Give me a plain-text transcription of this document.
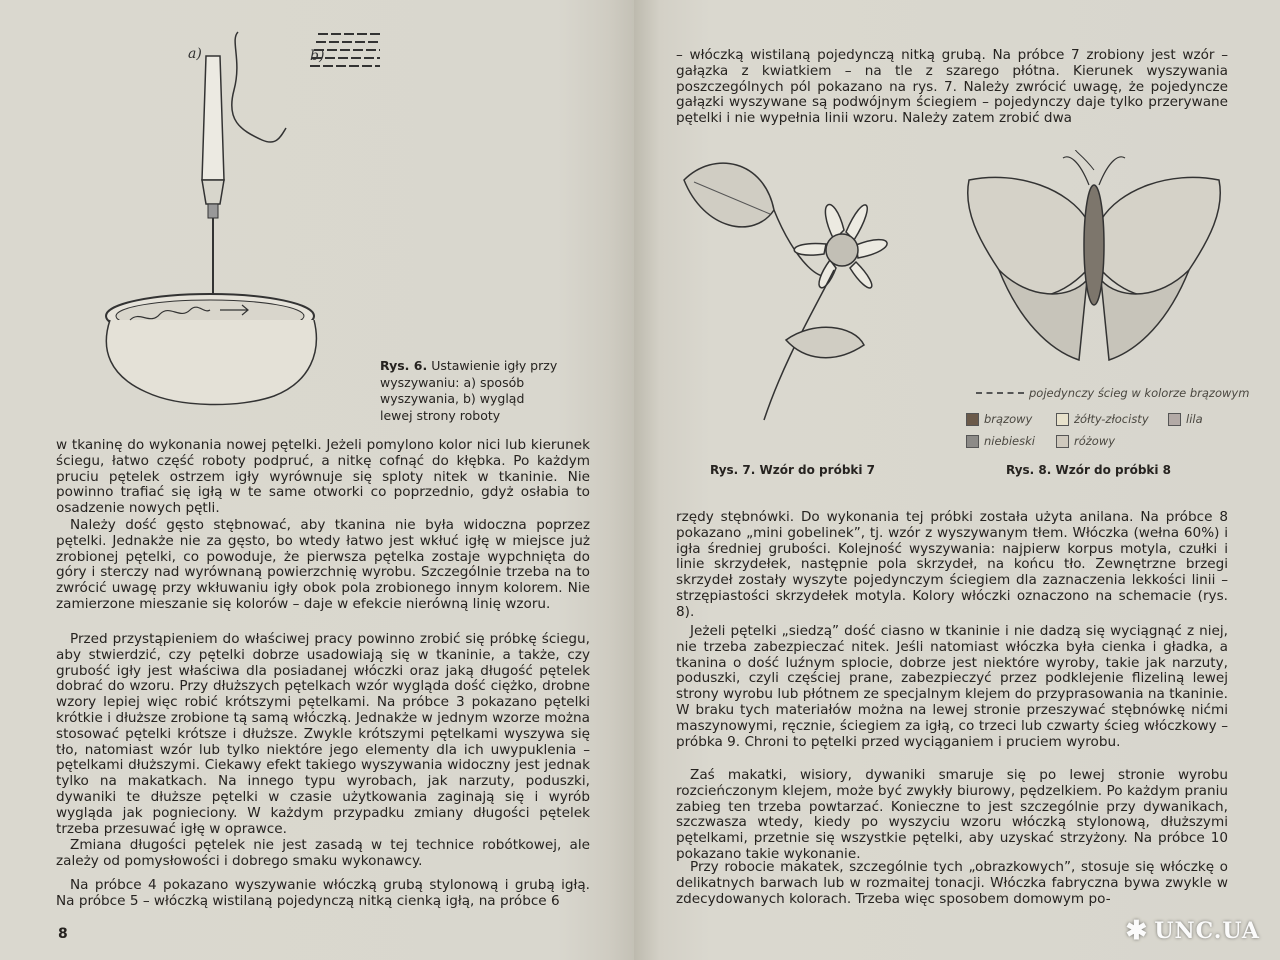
a)	b)
Rys. 6. Ustawienie igły przy wyszywaniu: a) sposób wyszywania, b) wygląd lewej strony roboty
w tkaninę do wykonania nowej pętelki. Jeżeli pomylono kolor nici lub kierunek ściegu, łatwo część roboty podpruć, a nitkę cofnąć do kłębka. Po każdym pruciu pętelek ostrzem igły wyrównuje się sploty nitek w tkaninie. Nie powinno trafiać się igłą w te same otworki co poprzednio, gdyż osłabia to osadzenie nowych pętli.
Należy dość gęsto stębnować, aby tkanina nie była widoczna poprzez pętelki. Jednakże nie za gęsto, bo wtedy łatwo jest wkłuć igłę w miejsce już zrobionej pętelki, co powoduje, że pierwsza pętelka zostaje wypchnięta do góry i sterczy nad wyrównaną powierzchnię wyrobu. Szczególnie trzeba na to zwrócić uwagę przy wkłuwaniu igły obok pola zrobionego innym kolorem. Nie zamierzone mieszanie się kolorów – daje w efekcie nierówną linię wzoru.
Przed przystąpieniem do właściwej pracy powinno zrobić się próbkę ściegu, aby stwierdzić, czy pętelki dobrze usadowiają się w tkaninie, a także, czy grubość igły jest właściwa dla posiadanej włóczki oraz jaką długość pętelek dobrać do wzoru. Przy dłuższych pętelkach wzór wygląda dość ciężko, drobne wzory lepiej więc robić krótszymi pętelkami. Na próbce 3 pokazano pętelki krótkie i dłuższe zrobione tą samą włóczką. Jednakże w jednym wzorze można stosować pętelki krótsze i dłuższe. Zwykle krótszymi pętelkami wyszywa się tło, natomiast wzór lub tylko niektóre jego elementy dla ich uwypuklenia – pętelkami dłuższymi. Ciekawy efekt takiego wyszywania widoczny jest jednak tylko na makatkach. Na innego typu wyrobach, jak narzuty, poduszki, dywaniki te dłuższe pętelki w czasie użytkowania zaginają się i wyrób wygląda jak pognieciony. W każdym przypadku zmiany długości pętelek trzeba przesuwać igłę w oprawce.
Zmiana długości pętelek nie jest zasadą w tej technice robótkowej, ale zależy od pomysłowości i dobrego smaku wykonawcy.
Na próbce 4 pokazano wyszywanie włóczką grubą stylonową i grubą igłą. Na próbce 5 – włóczką wistilaną pojedynczą nitką cienką igłą, na próbce 6
8
– włóczką wistilaną pojedynczą nitką grubą. Na próbce 7 zrobiony jest wzór – gałązka z kwiatkiem – na tle z szarego płótna. Kierunek wyszywania poszczególnych pól pokazano na rys. 7. Należy zwrócić uwagę, że pojedyncze gałązki wyszywane są podwójnym ściegiem – pojedynczy daje tylko przerywane pętelki i nie wypełnia linii wzoru. Należy zatem zrobić dwa
pojedynczy ścieg w kolorze brązowym
brązowy	żółty-złocisty	lila
niebieski	różowy
Rys. 7. Wzór do próbki 7	Rys. 8. Wzór do próbki 8
rzędy stębnówki. Do wykonania tej próbki została użyta anilana. Na próbce 8 pokazano „mini gobelinek”, tj. wzór z wyszywanym tłem. Włóczka (wełna 60%) i igła średniej grubości. Kolejność wyszywania: najpierw korpus motyla, czułki i linie skrzydełek, następnie pola skrzydeł, na końcu tło. Zewnętrzne brzegi skrzydeł zostały wyszyte pojedynczym ściegiem dla zaznaczenia lekkości linii – strzępiastości skrzydełek motyla. Kolory włóczki oznaczono na schemacie (rys. 8).
Jeżeli pętelki „siedzą” dość ciasno w tkaninie i nie dadzą się wyciągnąć z niej, nie trzeba zabezpieczać nitek. Jeśli natomiast włóczka była cienka i gładka, a tkanina o dość luźnym splocie, dobrze jest niektóre wyroby, takie jak narzuty, poduszki, czyli częściej prane, zabezpieczyć przez podklejenie flizeliną lewej strony wyrobu lub płótnem ze specjalnym klejem do przyprasowania na tkaninie. W braku tych materiałów można na lewej stronie przeszywać stębnówkę nićmi maszynowymi, ręcznie, ściegiem za igłą, co trzeci lub czwarty ścieg włóczkowy – próbka 9. Chroni to pętelki przed wyciąganiem i pruciem wyrobu.
Zaś makatki, wisiory, dywaniki smaruje się po lewej stronie wyrobu rozcieńczonym klejem, może być zwykły biurowy, pędzelkiem. Po każdym praniu zabieg ten trzeba powtarzać. Konieczne to jest szczególnie przy dywanikach, szczwasza wtedy, kiedy po wyszyciu wzoru włóczką stylonową, dłuższymi pętelkami, przetnie się wszystkie pętelki, aby uzyskać strzyżony. Na próbce 10 pokazano takie wykonanie.
Przy robocie makatek, szczególnie tych „obrazkowych”, stosuje się włóczkę o delikatnych barwach lub w rozmaitej tonacji. Włóczka fabryczna bywa zwykle w zdecydowanych kolorach. Trzeba więc sposobem domowym po-
✱ UNC.UA
